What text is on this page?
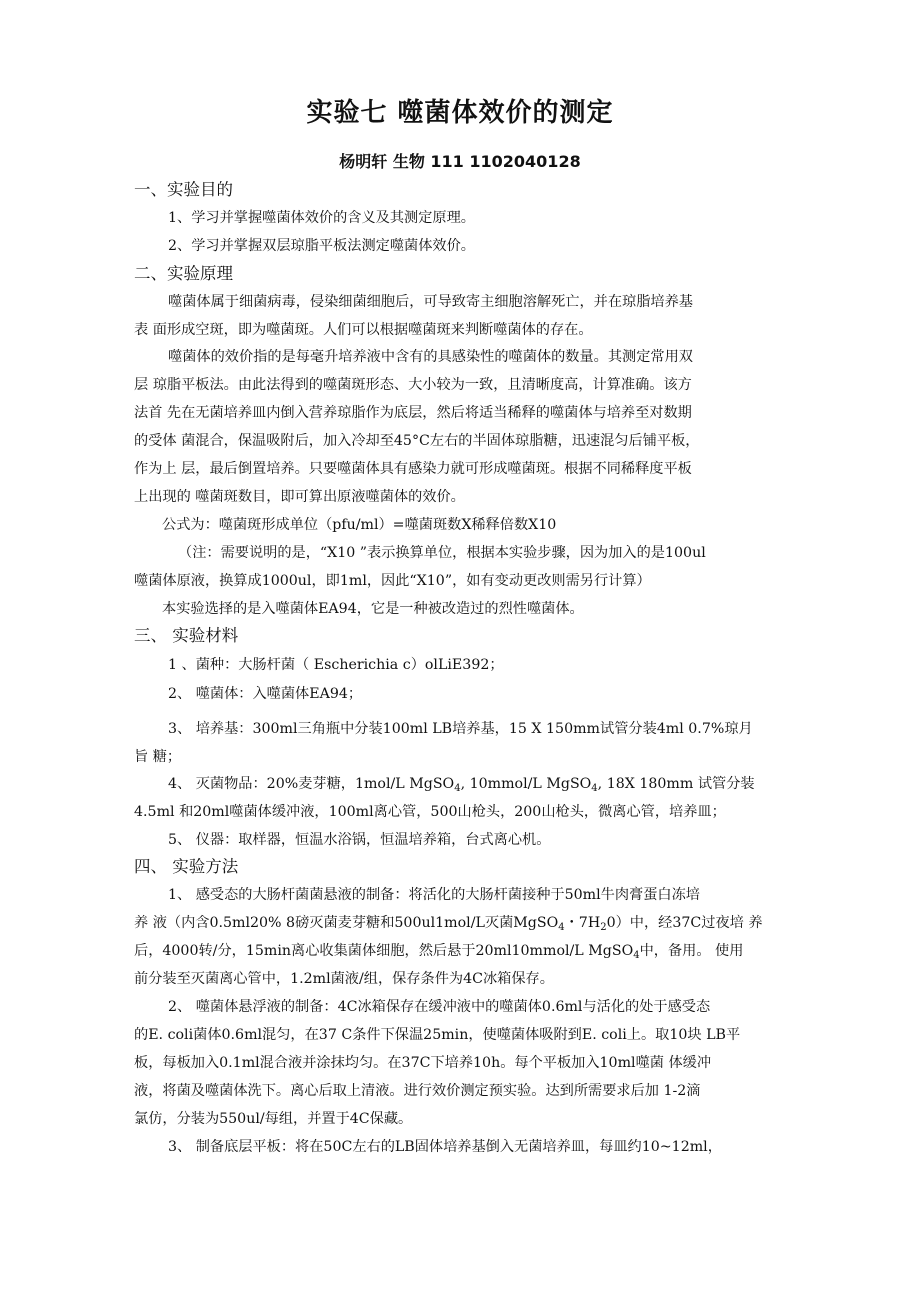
实验七 噬菌体效价的测定
杨明轩 生物 111 1102040128
一、实验目的
1、学习并掌握噬菌体效价的含义及其测定原理。
2、学习并掌握双层琼脂平板法测定噬菌体效价。
二、实验原理
噬菌体属于细菌病毒，侵染细菌细胞后，可导致寄主细胞溶解死亡，并在琼脂培养基
表 面形成空斑，即为噬菌斑。人们可以根据噬菌斑来判断噬菌体的存在。
噬菌体的效价指的是每毫升培养液中含有的具感染性的噬菌体的数量。其测定常用双
层 琼脂平板法。由此法得到的噬菌斑形态、大小较为一致，且清晰度高，计算准确。该方
法首 先在无菌培养皿内倒入营养琼脂作为底层，然后将适当稀释的噬菌体与培养至对数期
的受体 菌混合，保温吸附后，加入冷却至45°C左右的半固体琼脂糖，迅速混匀后铺平板，
作为上 层，最后倒置培养。只要噬菌体具有感染力就可形成噬菌斑。根据不同稀释度平板
上出现的 噬菌斑数目，即可算出原液噬菌体的效价。
公式为：噬菌斑形成单位（pfu/ml）=噬菌斑数X稀释倍数X10
（注：需要说明的是，“X10 ”表示换算单位，根据本实验步骤，因为加入的是100ul
噬菌体原液，换算成1000ul，即1ml，因此“X10”，如有变动更改则需另行计算）
本实验选择的是入噬菌体EA94，它是一种被改造过的烈性噬菌体。
三、 实验材料
1 、菌种：大肠杆菌（ Escherichia c）olLiE392；
2、 噬菌体：入噬菌体EA94；
3、 培养基：300ml三角瓶中分装100ml LB培养基，15 X 150mm试管分装4ml 0.7%琼月
旨 糖；
4、 灭菌物品：20%麦芽糖，1mol/L MgSO$_4$, 10mmol/L MgSO$_4$, 18X 180mm 试管分装
4.5ml 和20ml噬菌体缓冲液，100ml离心管，500山枪头，200山枪头，微离心管，培养皿；
5、 仪器：取样器，恒温水浴锅，恒温培养箱，台式离心机。
四、 实验方法
1、 感受态的大肠杆菌菌悬液的制备：将活化的大肠杆菌接种于50ml牛肉膏蛋白冻培
养 液（内含0.5ml20% 8磅灭菌麦芽糖和500ul1mol/L灭菌MgSO$_4$・$7H_20$）中，经37C过夜培 养
后，4000转/分，15min离心收集菌体细胞，然后悬于20ml10mmol/L MgSO$_4$中，备用。 使用
前分装至灭菌离心管中，1.2ml菌液/组，保存条件为4C冰箱保存。
2、 噬菌体悬浮液的制备：4C冰箱保存在缓冲液中的噬菌体0.6ml与活化的处于感受态
的E. coli菌体0.6ml混匀，在37 C条件下保温25min，使噬菌体吸附到E. coli上。取10块 LB平
板，每板加入0.1ml混合液并涂抹均匀。在37C下培养10h。每个平板加入10ml噬菌 体缓冲
液，将菌及噬菌体洗下。离心后取上清液。进行效价测定预实验。达到所需要求后加 1-2滴
氯仿，分装为550ul/每组，并置于4C保藏。
3、 制备底层平板：将在50C左右的LB固体培养基倒入无菌培养皿，每皿约10~12ml，
